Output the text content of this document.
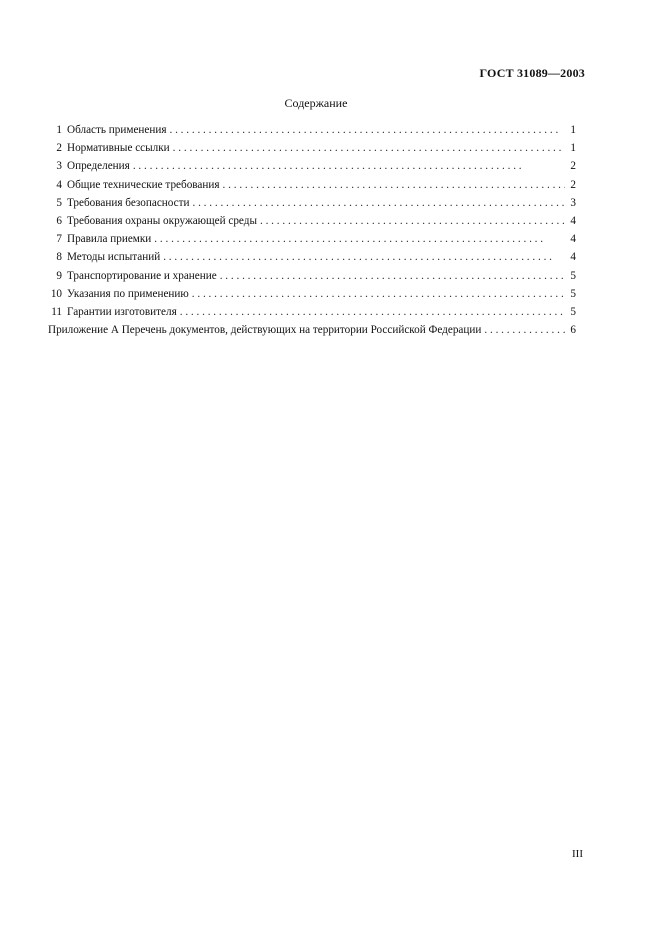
ГОСТ 31089—2003
Содержание
1 Область применения . . .	1
2 Нормативные ссылки . . .	1
3 Определения . . .	2
4 Общие технические требования . . .	2
5 Требования безопасности . . .	3
6 Требования охраны окружающей среды . . .	4
7 Правила приемки . . .	4
8 Методы испытаний . . .	4
9 Транспортирование и хранение . . .	5
10 Указания по применению . . .	5
11 Гарантии изготовителя . . .	5
Приложение А Перечень документов, действующих на территории Российской Федерации . . .	6
III
